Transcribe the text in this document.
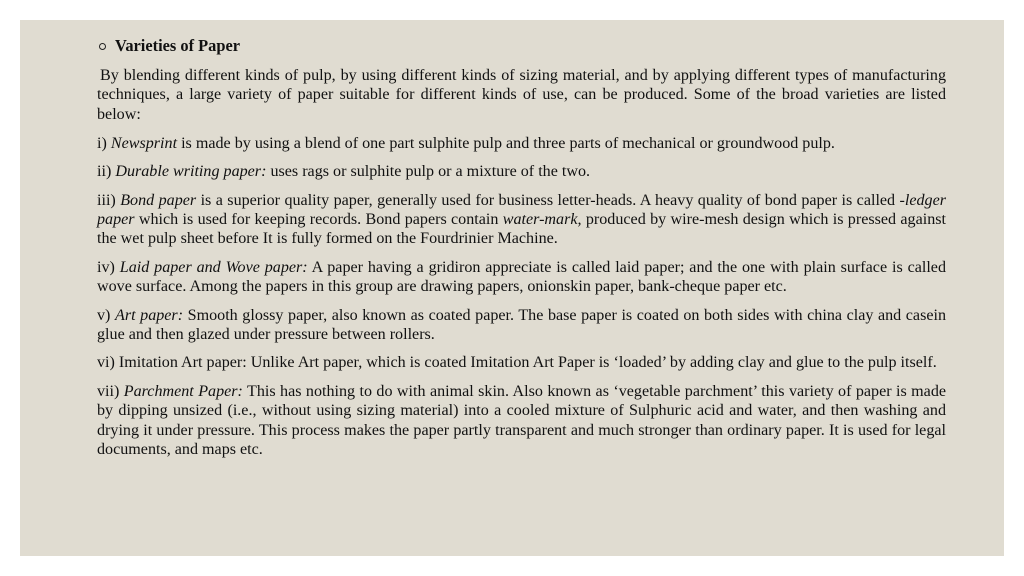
Varieties of Paper

By blending different kinds of pulp, by using different kinds of sizing material, and by applying different types of manufacturing techniques, a large variety of paper suitable for different kinds of use, can be produced. Some of the broad varieties are listed below:

i) Newsprint is made by using a blend of one part sulphite pulp and three parts of mechanical or groundwood pulp.

ii) Durable writing paper: uses rags or sulphite pulp or a mixture of the two.

iii) Bond paper is a superior quality paper, generally used for business letter-heads. A heavy quality of bond paper is called -ledger paper which is used for keeping records. Bond papers contain water-mark, produced by wire-mesh design which is pressed against the wet pulp sheet before It is fully formed on the Fourdrinier Machine.

iv) Laid paper and Wove paper: A paper having a gridiron appreciate is called laid paper; and the one with plain surface is called wove surface. Among the papers in this group are drawing papers, onionskin paper, bank-cheque paper etc.

v) Art paper: Smooth glossy paper, also known as coated paper. The base paper is coated on both sides with china clay and casein glue and then glazed under pressure between rollers.

vi) Imitation Art paper: Unlike Art paper, which is coated Imitation Art Paper is ‘loaded’ by adding clay and glue to the pulp itself.

vii) Parchment Paper: This has nothing to do with animal skin. Also known as ‘vegetable parchment’ this variety of paper is made by dipping unsized (i.e., without using sizing material) into a cooled mixture of Sulphuric acid and water, and then washing and drying it under pressure. This process makes the paper partly transparent and much stronger than ordinary paper. It is used for legal documents, and maps etc.
